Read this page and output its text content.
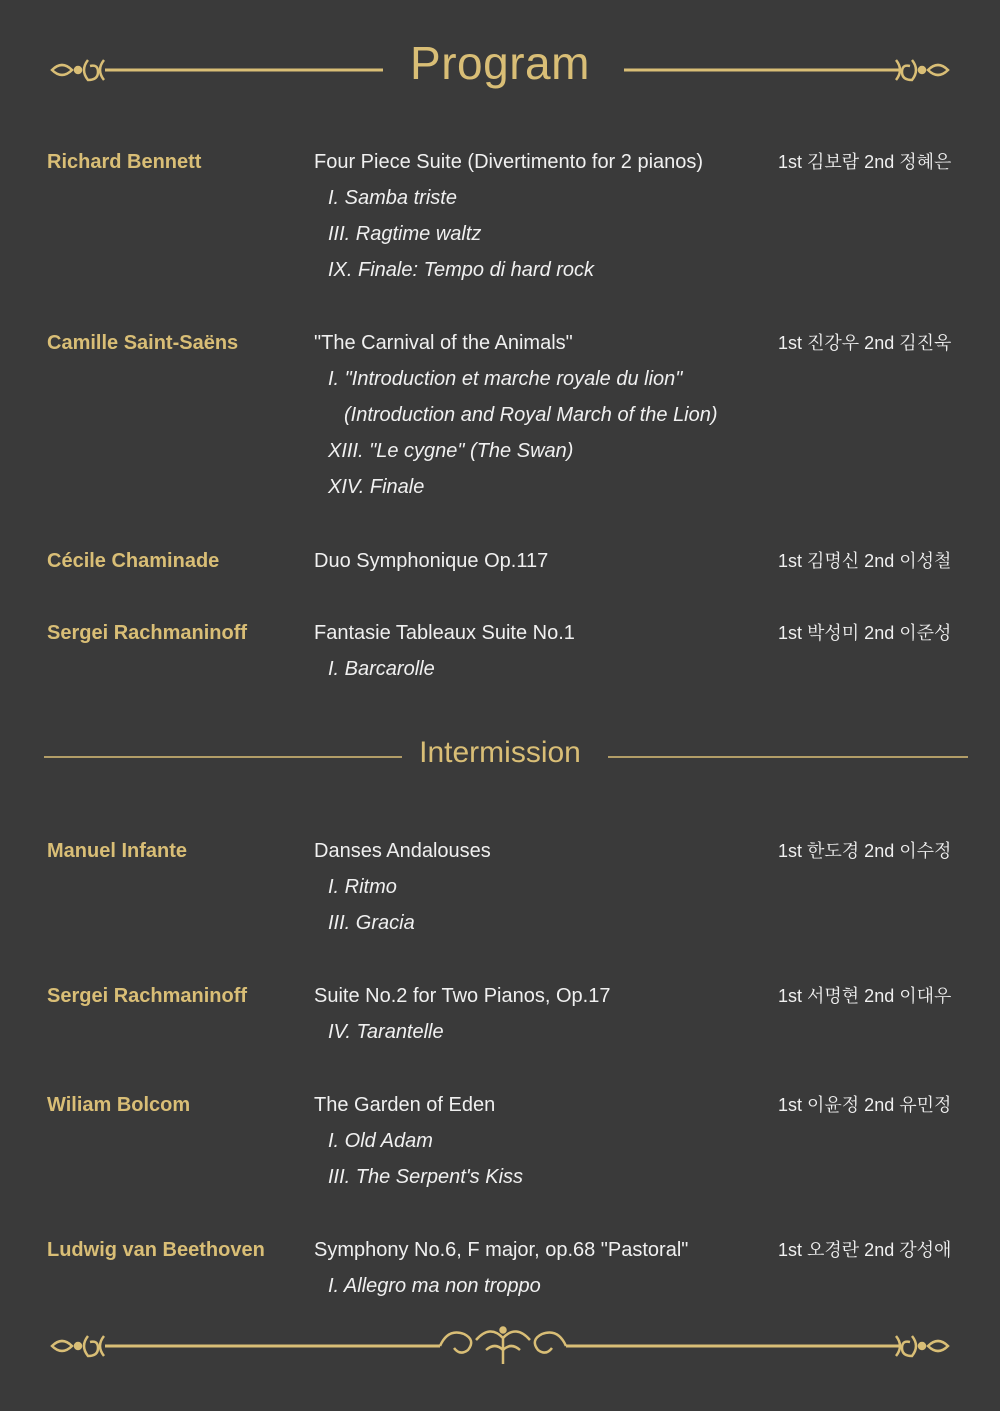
Program
Richard Bennett	Four Piece Suite (Divertimento for 2 pianos)
I. Samba triste
III. Ragtime waltz
IX. Finale: Tempo di hard rock
1st 김보람 2nd 정혜은
Camille Saint-Saëns	"The Carnival of the Animals"
I. "Introduction et marche royale du lion"
(Introduction and Royal March of the Lion)
XIII. "Le cygne" (The Swan)
XIV. Finale
1st 진강우 2nd 김진욱
Cécile Chaminade	Duo Symphonique Op.117	1st 김명신 2nd 이성철
Sergei Rachmaninoff	Fantasie Tableaux Suite No.1
I. Barcarolle
1st 박성미 2nd 이준성
Intermission
Manuel Infante	Danses Andalouses
I. Ritmo
III. Gracia
1st 한도경 2nd 이수정
Sergei Rachmaninoff	Suite No.2 for Two Pianos, Op.17
IV. Tarantelle
1st 서명현 2nd 이대우
Wiliam Bolcom	The Garden of Eden
I. Old Adam
III. The Serpent's Kiss
1st 이윤정 2nd 유민정
Ludwig van Beethoven	Symphony No.6, F major, op.68 "Pastoral"
I. Allegro ma non troppo
1st 오경란 2nd 강성애
